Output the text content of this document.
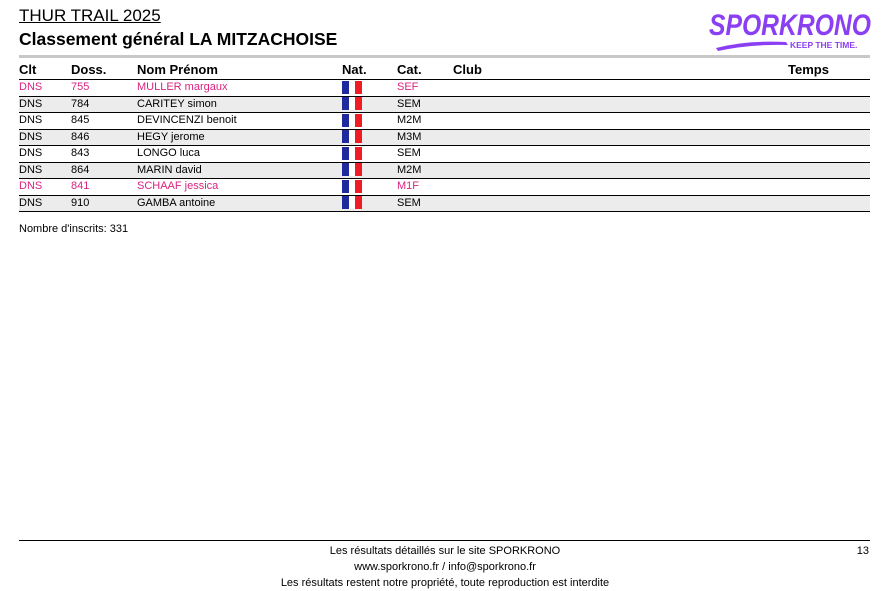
THUR TRAIL 2025
Classement général LA MITZACHOISE	SPORKRONO
KEEP THE TIME.
Clt	Doss.	Nom Prénom	Nat.	Cat.	Club	Temps
DNS	755	MULLER margaux		SEF		
DNS	784	CARITEY simon		SEM		
DNS	845	DEVINCENZI benoit		M2M		
DNS	846	HEGY jerome		M3M		
DNS	843	LONGO luca		SEM		
DNS	864	MARIN david		M2M		
DNS	841	SCHAAF jessica		M1F		
DNS	910	GAMBA antoine		SEM		
Nombre d'inscrits: 331
Les résultats détaillés sur le site SPORKRONO
www.sporkrono.fr / info@sporkrono.fr
Les résultats restent notre propriété, toute reproduction est interdite
13
